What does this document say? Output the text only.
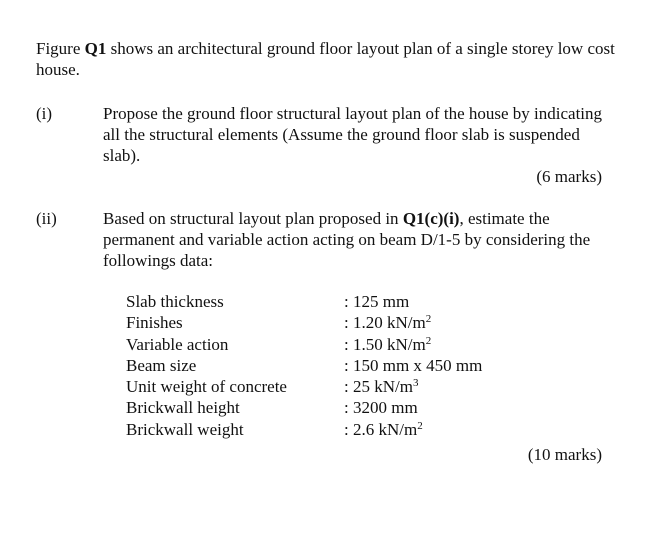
Figure Q1 shows an architectural ground floor layout plan of a single storey low cost house.
(i)	Propose the ground floor structural layout plan of the house by indicating all the structural elements (Assume the ground floor slab is suspended slab).
(6 marks)
(ii)	Based on structural layout plan proposed in Q1(c)(i), estimate the permanent and variable action acting on beam D/1-5 by considering the followings data:
Slab thickness	: 125 mm
Finishes	: 1.20 $kN/m^2$
Variable action	: 1.50 $kN/m^2$
Beam size	: 150 mm x 450 mm
Unit weight of concrete	: 25 $kN/m^3$
Brickwall height	: 3200 mm
Brickwall weight	: 2.6 $kN/m^2$
(10 marks)
